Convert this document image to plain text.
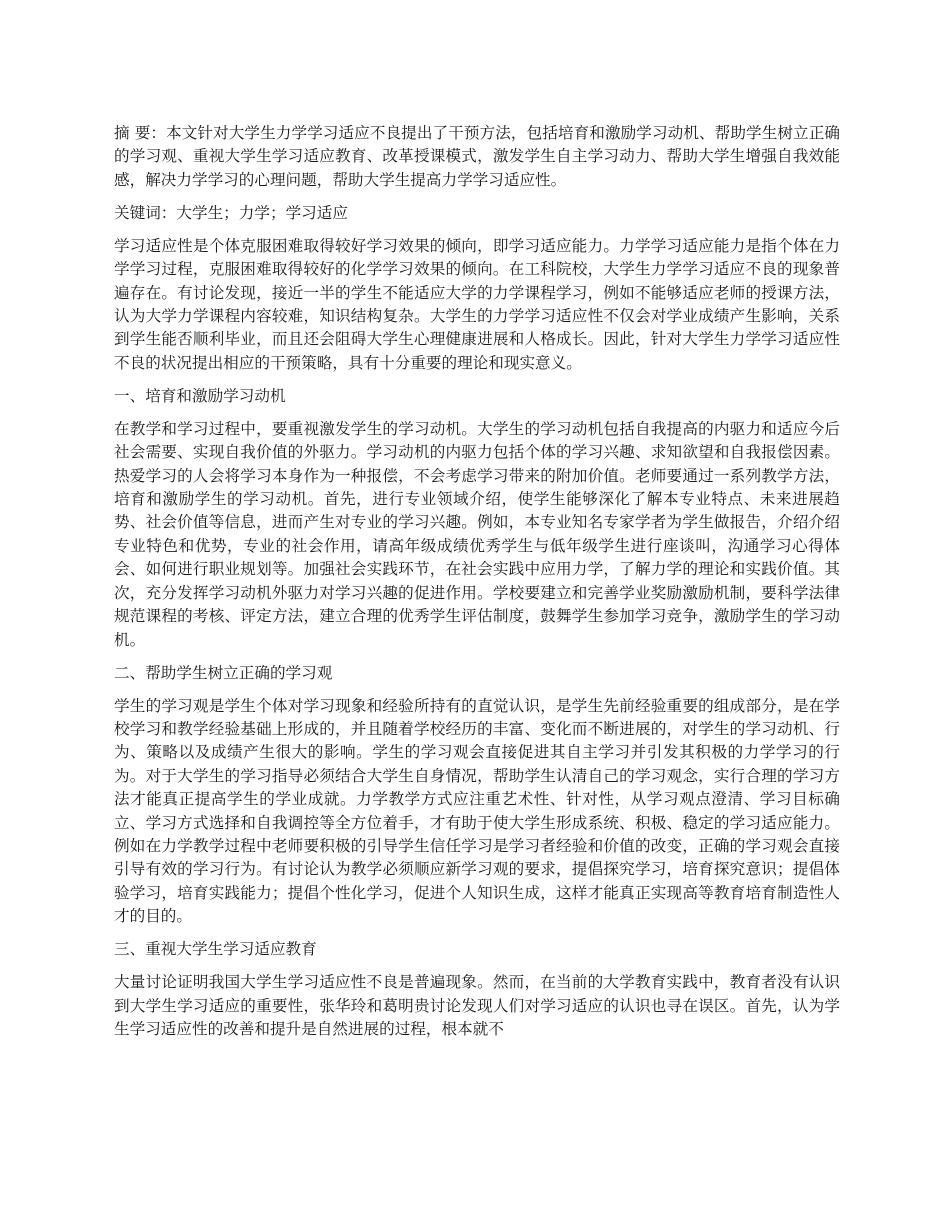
摘 要：本文针对大学生力学学习适应不良提出了干预方法，包括培育和激励学习动机、帮助学生树立正确的学习观、重视大学生学习适应教育、改革授课模式，激发学生自主学习动力、帮助大学生增强自我效能感，解决力学学习的心理问题，帮助大学生提高力学学习适应性。

关键词：大学生；力学；学习适应

学习适应性是个体克服困难取得较好学习效果的倾向，即学习适应能力。力学学习适应能力是指个体在力学学习过程，克服困难取得较好的化学学习效果的倾向。在工科院校，大学生力学学习适应不良的现象普遍存在。有讨论发现，接近一半的学生不能适应大学的力学课程学习，例如不能够适应老师的授课方法，认为大学力学课程内容较难，知识结构复杂。大学生的力学学习适应性不仅会对学业成绩产生影响，关系到学生能否顺利毕业，而且还会阻碍大学生心理健康进展和人格成长。因此，针对大学生力学学习适应性不良的状况提出相应的干预策略，具有十分重要的理论和现实意义。

一、培育和激励学习动机

在教学和学习过程中，要重视激发学生的学习动机。大学生的学习动机包括自我提高的内驱力和适应今后社会需要、实现自我价值的外驱力。学习动机的内驱力包括个体的学习兴趣、求知欲望和自我报偿因素。热爱学习的人会将学习本身作为一种报偿，不会考虑学习带来的附加价值。老师要通过一系列教学方法，培育和激励学生的学习动机。首先，进行专业领域介绍，使学生能够深化了解本专业特点、未来进展趋势、社会价值等信息，进而产生对专业的学习兴趣。例如，本专业知名专家学者为学生做报告，介绍介绍专业特色和优势，专业的社会作用，请高年级成绩优秀学生与低年级学生进行座谈叫，沟通学习心得体会、如何进行职业规划等。加强社会实践环节，在社会实践中应用力学，了解力学的理论和实践价值。其次，充分发挥学习动机外驱力对学习兴趣的促进作用。学校要建立和完善学业奖励激励机制，要科学法律规范课程的考核、评定方法，建立合理的优秀学生评估制度，鼓舞学生参加学习竞争，激励学生的学习动机。

二、帮助学生树立正确的学习观

学生的学习观是学生个体对学习现象和经验所持有的直觉认识，是学生先前经验重要的组成部分，是在学校学习和教学经验基础上形成的，并且随着学校经历的丰富、变化而不断进展的，对学生的学习动机、行为、策略以及成绩产生很大的影响。学生的学习观会直接促进其自主学习并引发其积极的力学学习的行为。对于大学生的学习指导必须结合大学生自身情况，帮助学生认清自己的学习观念，实行合理的学习方法才能真正提高学生的学业成就。力学教学方式应注重艺术性、针对性，从学习观点澄清、学习目标确立、学习方式选择和自我调控等全方位着手，才有助于使大学生形成系统、积极、稳定的学习适应能力。例如在力学教学过程中老师要积极的引导学生信任学习是学习者经验和价值的改变，正确的学习观会直接引导有效的学习行为。有讨论认为教学必须顺应新学习观的要求，提倡探究学习，培育探究意识；提倡体验学习，培育实践能力；提倡个性化学习，促进个人知识生成，这样才能真正实现高等教育培育制造性人才的目的。

三、重视大学生学习适应教育

大量讨论证明我国大学生学习适应性不良是普遍现象。然而，在当前的大学教育实践中，教育者没有认识到大学生学习适应的重要性，张华玲和葛明贵讨论发现人们对学习适应的认识也寻在误区。首先，认为学生学习适应性的改善和提升是自然进展的过程，根本就不
